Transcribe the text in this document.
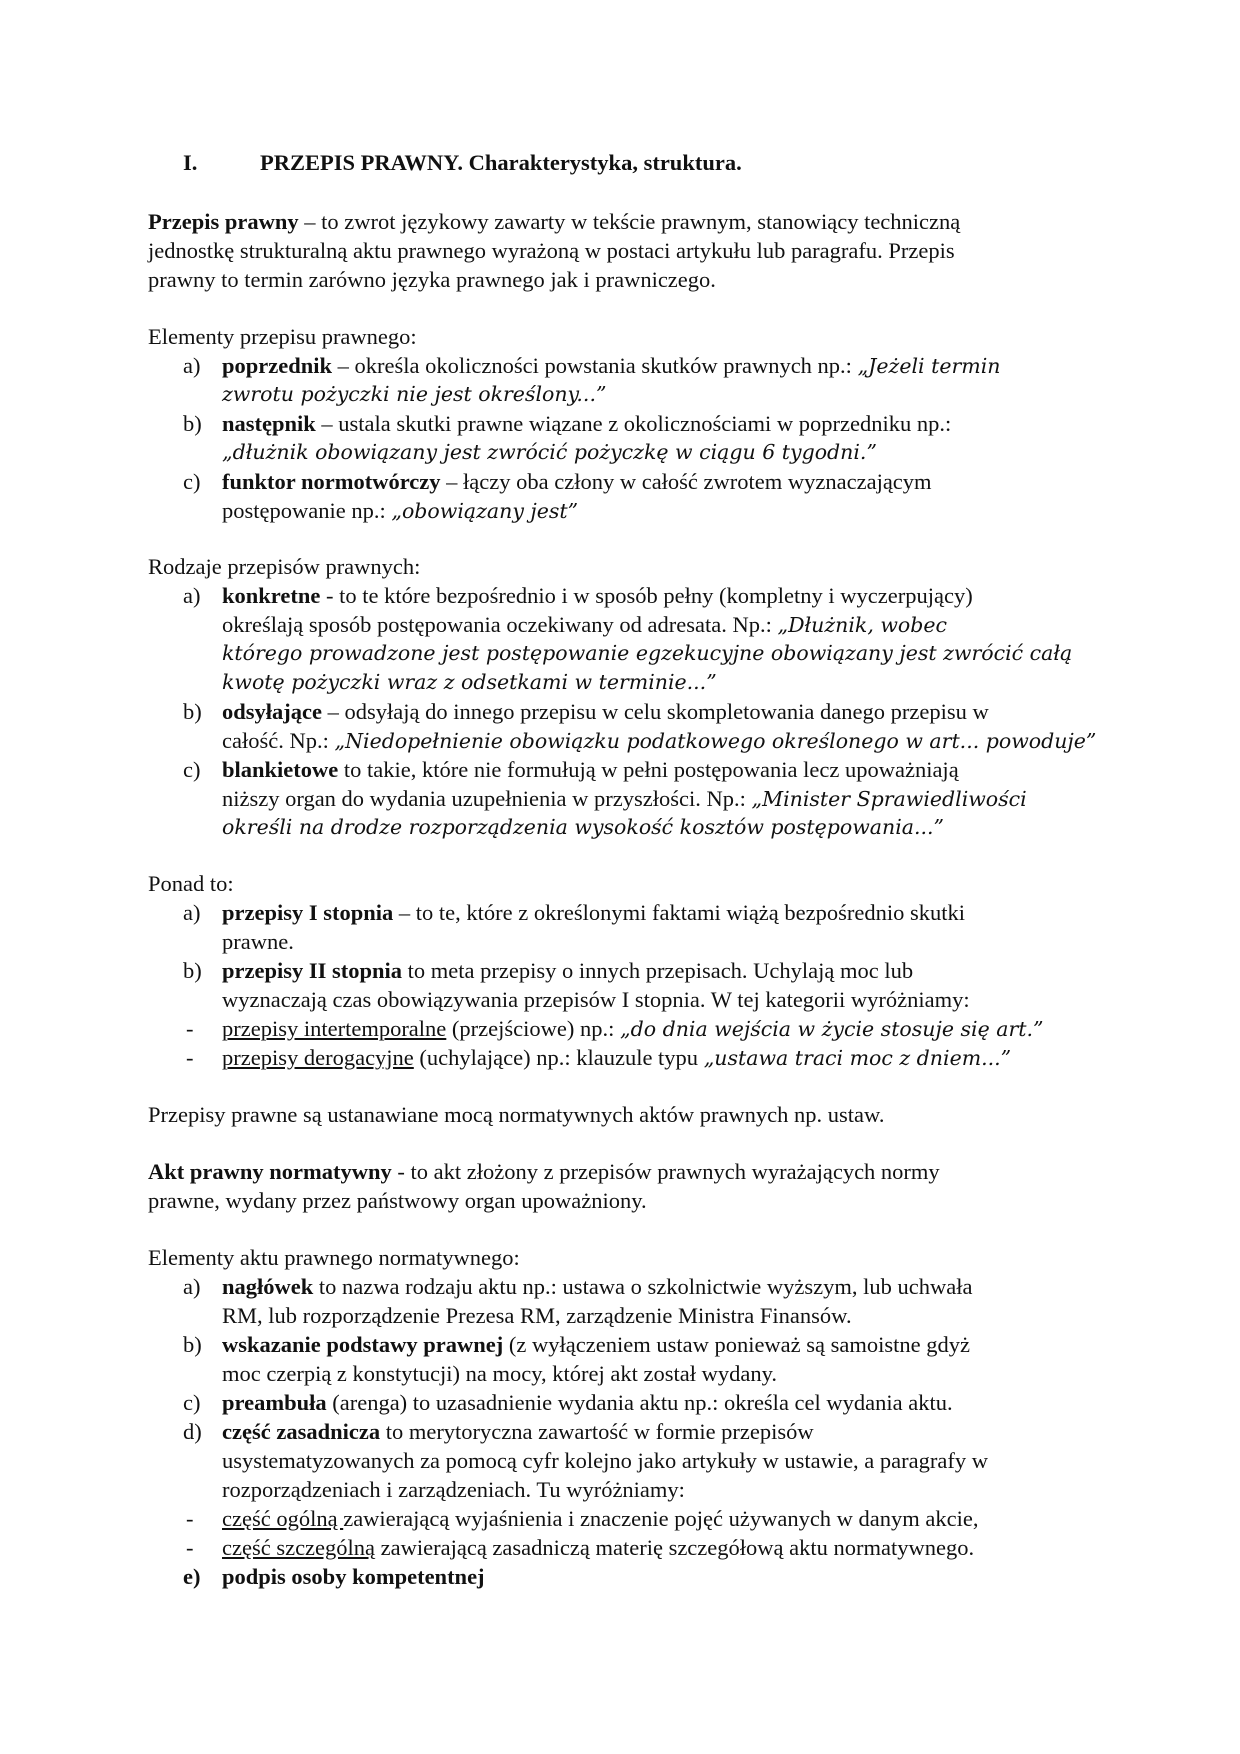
I.	PRZEPIS PRAWNY. Charakterystyka, struktura.
Przepis prawny – to zwrot językowy zawarty w tekście prawnym, stanowiący techniczną
jednostkę strukturalną aktu prawnego wyrażoną w postaci artykułu lub paragrafu. Przepis
prawny to termin zarówno języka prawnego jak i prawniczego.
Elementy przepisu prawnego:
a) poprzednik – określa okoliczności powstania skutków prawnych np.: „Jeżeli termin
zwrotu pożyczki nie jest określony...”
b) następnik – ustala skutki prawne wiązane z okolicznościami w poprzedniku np.:
„dłużnik obowiązany jest zwrócić pożyczkę w ciągu 6 tygodni.”
c) funktor normotwórczy – łączy oba człony w całość zwrotem wyznaczającym
postępowanie np.: „obowiązany jest”
Rodzaje przepisów prawnych:
a) konkretne - to te które bezpośrednio i w sposób pełny (kompletny i wyczerpujący)
określają sposób postępowania oczekiwany od adresata. Np.: „Dłużnik, wobec
którego prowadzone jest postępowanie egzekucyjne obowiązany jest zwrócić całą
kwotę pożyczki wraz z odsetkami w terminie...”
b) odsyłające – odsyłają do innego przepisu w celu skompletowania danego przepisu w
całość. Np.: „Niedopełnienie obowiązku podatkowego określonego w art... powoduje”
c) blankietowe to takie, które nie formułują w pełni postępowania lecz upoważniają
niższy organ do wydania uzupełnienia w przyszłości. Np.: „Minister Sprawiedliwości
określi na drodze rozporządzenia wysokość kosztów postępowania...”
Ponad to:
a) przepisy I stopnia – to te, które z określonymi faktami wiążą bezpośrednio skutki
prawne.
b) przepisy II stopnia to meta przepisy o innych przepisach. Uchylają moc lub
wyznaczają czas obowiązywania przepisów I stopnia. W tej kategorii wyróżniamy:
- przepisy intertemporalne (przejściowe) np.: „do dnia wejścia w życie stosuje się art.”
- przepisy derogacyjne (uchylające) np.: klauzule typu „ustawa traci moc z dniem...”
Przepisy prawne są ustanawiane mocą normatywnych aktów prawnych np. ustaw.
Akt prawny normatywny - to akt złożony z przepisów prawnych wyrażających normy
prawne, wydany przez państwowy organ upoważniony.
Elementy aktu prawnego normatywnego:
a) nagłówek to nazwa rodzaju aktu np.: ustawa o szkolnictwie wyższym, lub uchwała
RM, lub rozporządzenie Prezesa RM, zarządzenie Ministra Finansów.
b) wskazanie podstawy prawnej (z wyłączeniem ustaw ponieważ są samoistne gdyż
moc czerpią z konstytucji) na mocy, której akt został wydany.
c) preambuła (arenga) to uzasadnienie wydania aktu np.: określa cel wydania aktu.
d) część zasadnicza to merytoryczna zawartość w formie przepisów
usystematyzowanych za pomocą cyfr kolejno jako artykuły w ustawie, a paragrafy w
rozporządzeniach i zarządzeniach. Tu wyróżniamy:
- część ogólną zawierającą wyjaśnienia i znaczenie pojęć używanych w danym akcie,
- część szczególną zawierającą zasadniczą materię szczegółową aktu normatywnego.
e) podpis osoby kompetentnej
